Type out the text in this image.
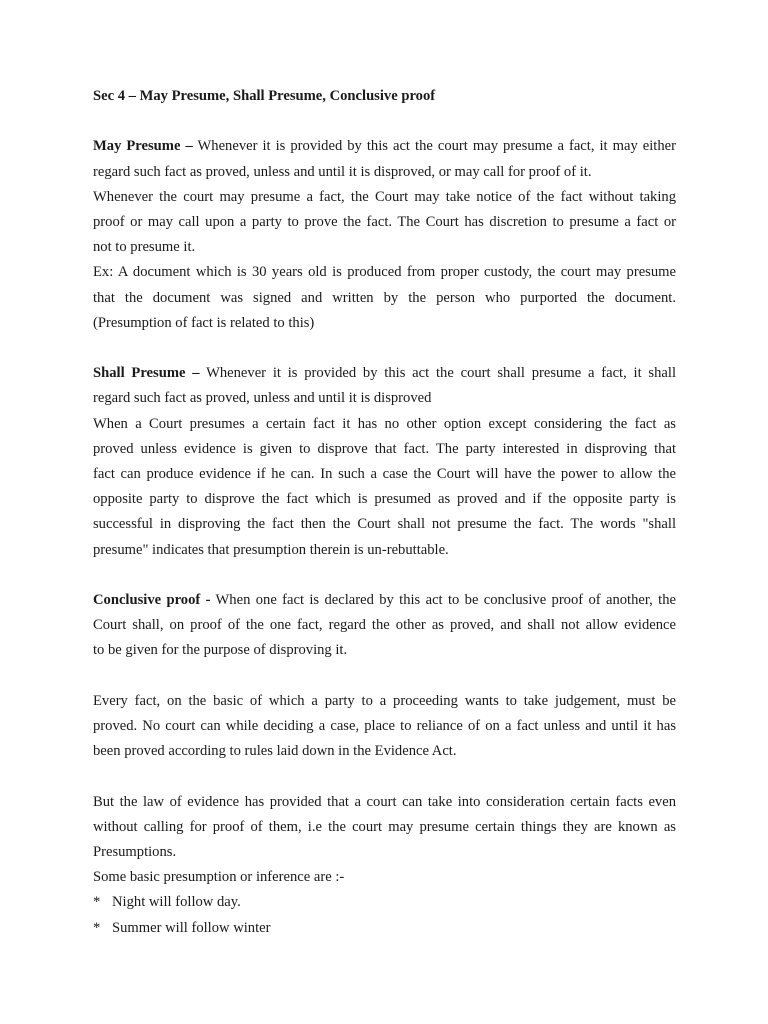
Sec 4 – May Presume, Shall Presume, Conclusive proof
May Presume – Whenever it is provided by this act the court may presume a fact, it may either
regard such fact as proved, unless and until it is disproved, or may call for proof of it.
Whenever the court may presume a fact, the Court may take notice of the fact without taking
proof or may call upon a party to prove the fact. The Court has discretion to presume a fact or
not to presume it.
Ex: A document which is 30 years old is produced from proper custody, the court may presume
that the document was signed and written by the person who purported the document.
(Presumption of fact is related to this)
Shall Presume – Whenever it is provided by this act the court shall presume a fact, it shall
regard such fact as proved, unless and until it is disproved
When a Court presumes a certain fact it has no other option except considering the fact as
proved unless evidence is given to disprove that fact. The party interested in disproving that
fact can produce evidence if he can. In such a case the Court will have the power to allow the
opposite party to disprove the fact which is presumed as proved and if the opposite party is
successful in disproving the fact then the Court shall not presume the fact. The words "shall
presume" indicates that presumption therein is un-rebuttable.
Conclusive proof - When one fact is declared by this act to be conclusive proof of another, the
Court shall, on proof of the one fact, regard the other as proved, and shall not allow evidence
to be given for the purpose of disproving it.
Every fact, on the basic of which a party to a proceeding wants to take judgement, must be
proved. No court can while deciding a case, place to reliance of on a fact unless and until it has
been proved according to rules laid down in the Evidence Act.
But the law of evidence has provided that a court can take into consideration certain facts even
without calling for proof of them, i.e the court may presume certain things they are known as
Presumptions.
Some basic presumption or inference are :-
* Night will follow day.
* Summer will follow winter
